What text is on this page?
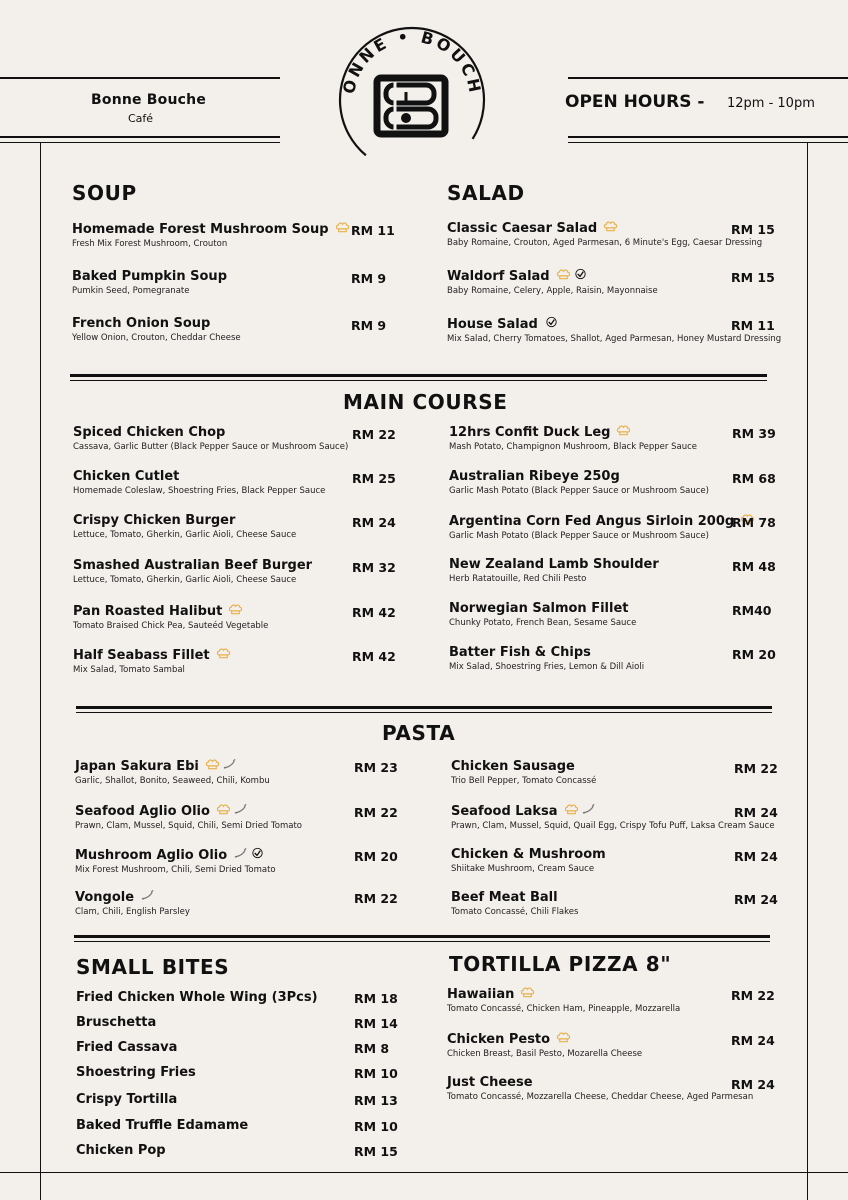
Bonne Bouche
Café
ONNE • BOUCH
OPEN HOURS - 12pm - 10pm
SOUP	SALAD
Homemade Forest Mushroom Soup
Fresh Mix Forest Mushroom, Crouton
RM 11
Baked Pumpkin Soup
Pumkin Seed, Pomegranate
RM 9
French Onion Soup
Yellow Onion, Crouton, Cheddar Cheese
RM 9
Classic Caesar Salad
Baby Romaine, Crouton, Aged Parmesan, 6 Minute's Egg, Caesar Dressing
RM 15
Waldorf Salad
Baby Romaine, Celery, Apple, Raisin, Mayonnaise
RM 15
House Salad
Mix Salad, Cherry Tomatoes, Shallot, Aged Parmesan, Honey Mustard Dressing
RM 11
MAIN COURSE
Spiced Chicken Chop
Cassava, Garlic Butter (Black Pepper Sauce or Mushroom Sauce)
RM 22
Chicken Cutlet
Homemade Coleslaw, Shoestring Fries, Black Pepper Sauce
RM 25
Crispy Chicken Burger
Lettuce, Tomato, Gherkin, Garlic Aioli, Cheese Sauce
RM 24
Smashed Australian Beef Burger
Lettuce, Tomato, Gherkin, Garlic Aioli, Cheese Sauce
RM 32
Pan Roasted Halibut
Tomato Braised Chick Pea, Sauteéd Vegetable
RM 42
Half Seabass Fillet
Mix Salad, Tomato Sambal
RM 42
12hrs Confit Duck Leg
Mash Potato, Champignon Mushroom, Black Pepper Sauce
RM 39
Australian Ribeye 250g
Garlic Mash Potato (Black Pepper Sauce or Mushroom Sauce)
RM 68
Argentina Corn Fed Angus Sirloin 200g
Garlic Mash Potato (Black Pepper Sauce or Mushroom Sauce)
RM 78
New Zealand Lamb Shoulder
Herb Ratatouille, Red Chili Pesto
RM 48
Norwegian Salmon Fillet
Chunky Potato, French Bean, Sesame Sauce
RM40
Batter Fish & Chips
Mix Salad, Shoestring Fries, Lemon & Dill Aioli
RM 20
PASTA
Japan Sakura Ebi
Garlic, Shallot, Bonito, Seaweed, Chili, Kombu
RM 23
Seafood Aglio Olio
Prawn, Clam, Mussel, Squid, Chili, Semi Dried Tomato
RM 22
Mushroom Aglio Olio
Mix Forest Mushroom, Chili, Semi Dried Tomato
RM 20
Vongole
Clam, Chili, English Parsley
RM 22
Chicken Sausage
Trio Bell Pepper, Tomato Concassé
RM 22
Seafood Laksa
Prawn, Clam, Mussel, Squid, Quail Egg, Crispy Tofu Puff, Laksa Cream Sauce
RM 24
Chicken & Mushroom
Shiitake Mushroom, Cream Sauce
RM 24
Beef Meat Ball
Tomato Concassé, Chili Flakes
RM 24
SMALL BITES	TORTILLA PIZZA 8"
Fried Chicken Whole Wing (3Pcs)	RM 18
Bruschetta	RM 14
Fried Cassava	RM 8
Shoestring Fries	RM 10
Crispy Tortilla	RM 13
Baked Truffle Edamame	RM 10
Chicken Pop	RM 15
Hawaiian
Tomato Concassé, Chicken Ham, Pineapple, Mozzarella
RM 22
Chicken Pesto
Chicken Breast, Basil Pesto, Mozarella Cheese
RM 24
Just Cheese
Tomato Concassé, Mozzarella Cheese, Cheddar Cheese, Aged Parmesan
RM 24
